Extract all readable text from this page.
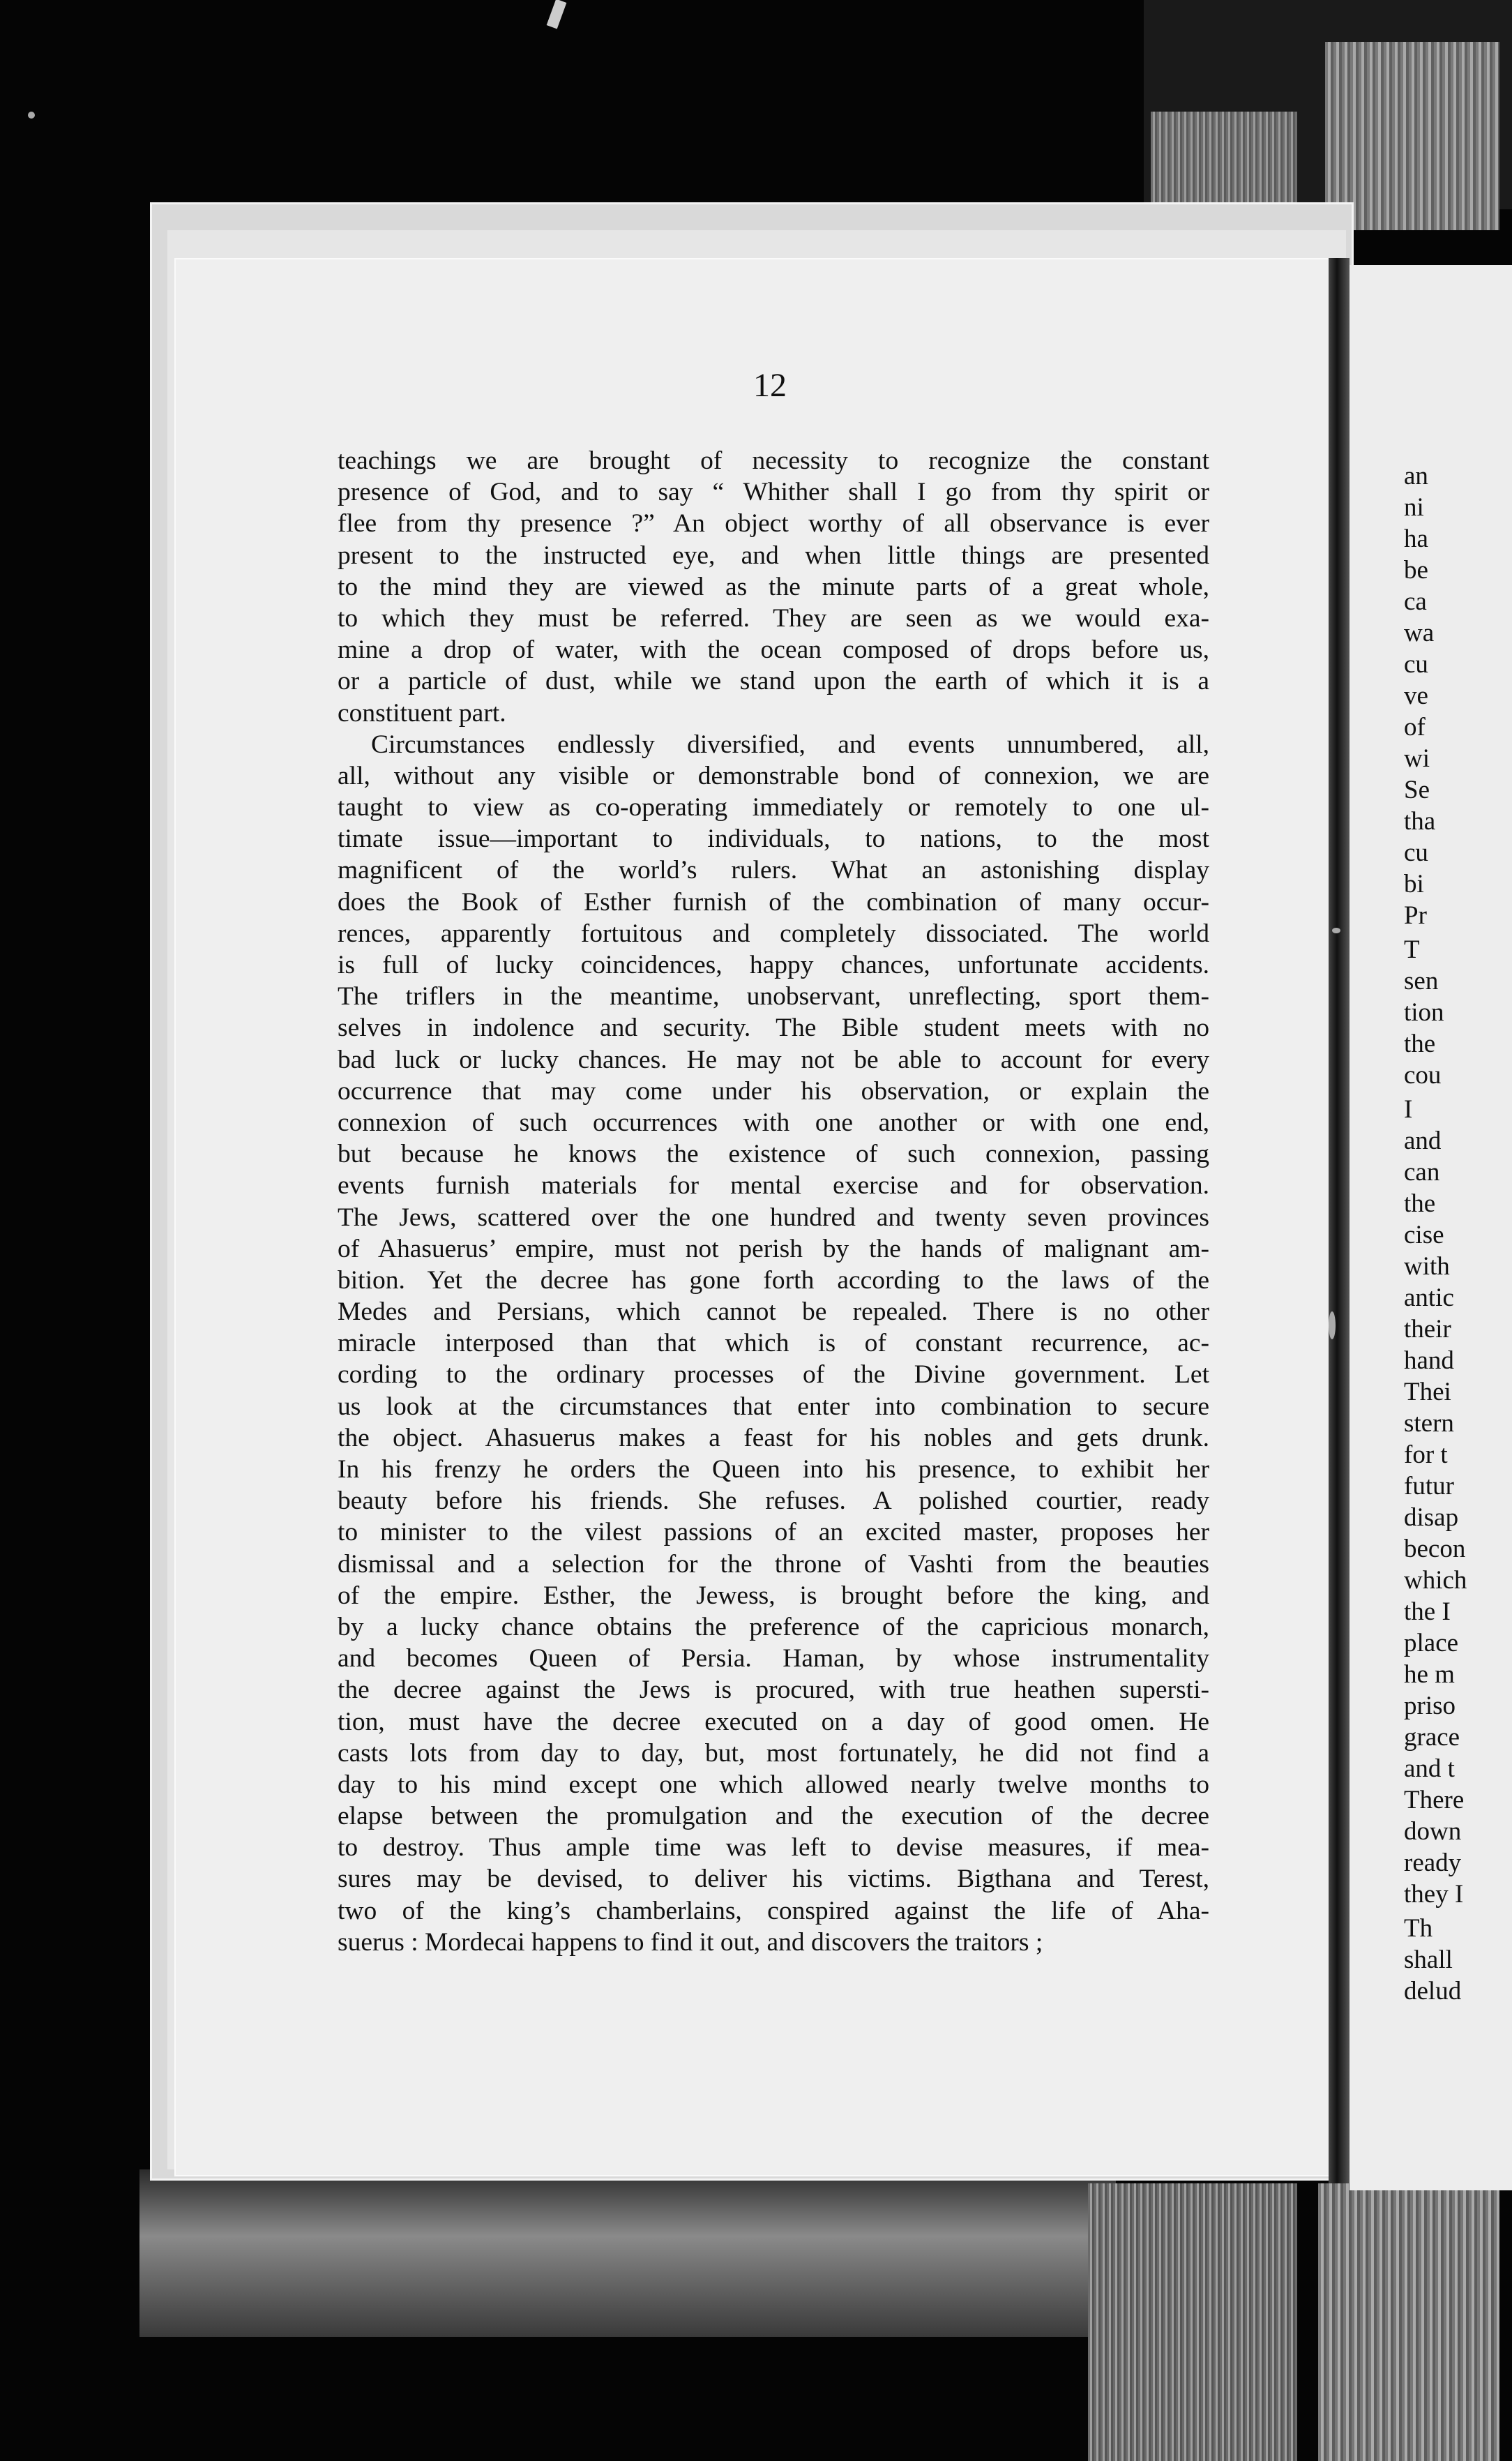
12
teachings we are brought of necessity to recognize the constant
presence of God, and to say “ Whither shall I go from thy spirit or
flee from thy presence ?” An object worthy of all observance is ever
present to the instructed eye, and when little things are presented
to the mind they are viewed as the minute parts of a great whole,
to which they must be referred. They are seen as we would exa-
mine a drop of water, with the ocean composed of drops before us,
or a particle of dust, while we stand upon the earth of which it is a
constituent part.
Circumstances endlessly diversified, and events unnumbered, all,
all, without any visible or demonstrable bond of connexion, we are
taught to view as co-operating immediately or remotely to one ul-
timate issue—important to individuals, to nations, to the most
magnificent of the world’s rulers. What an astonishing display
does the Book of Esther furnish of the combination of many occur-
rences, apparently fortuitous and completely dissociated. The world
is full of lucky coincidences, happy chances, unfortunate accidents.
The triflers in the meantime, unobservant, unreflecting, sport them-
selves in indolence and security. The Bible student meets with no
bad luck or lucky chances. He may not be able to account for every
occurrence that may come under his observation, or explain the
connexion of such occurrences with one another or with one end,
but because he knows the existence of such connexion, passing
events furnish materials for mental exercise and for observation.
The Jews, scattered over the one hundred and twenty seven provinces
of Ahasuerus’ empire, must not perish by the hands of malignant am-
bition. Yet the decree has gone forth according to the laws of the
Medes and Persians, which cannot be repealed. There is no other
miracle interposed than that which is of constant recurrence, ac-
cording to the ordinary processes of the Divine government. Let
us look at the circumstances that enter into combination to secure
the object. Ahasuerus makes a feast for his nobles and gets drunk.
In his frenzy he orders the Queen into his presence, to exhibit her
beauty before his friends. She refuses. A polished courtier, ready
to minister to the vilest passions of an excited master, proposes her
dismissal and a selection for the throne of Vashti from the beauties
of the empire. Esther, the Jewess, is brought before the king, and
by a lucky chance obtains the preference of the capricious monarch,
and becomes Queen of Persia. Haman, by whose instrumentality
the decree against the Jews is procured, with true heathen supersti-
tion, must have the decree executed on a day of good omen. He
casts lots from day to day, but, most fortunately, he did not find a
day to his mind except one which allowed nearly twelve months to
elapse between the promulgation and the execution of the decree
to destroy. Thus ample time was left to devise measures, if mea-
sures may be devised, to deliver his victims. Bigthana and Terest,
two of the king’s chamberlains, conspired against the life of Aha-
suerus : Mordecai happens to find it out, and discovers the traitors ;
an
ni
ha
be
ca
wa
cu
ve
of
wi
Se
tha
cu
bi
Pr
T
sen
tion
the
cou
I
and
can
the
cise
with
antic
their
hand
Thei
stern
for t
futur
disap
becon
which
the I
place
he m
priso
grace
and t
There
down
ready
they I
Th
shall
delud
